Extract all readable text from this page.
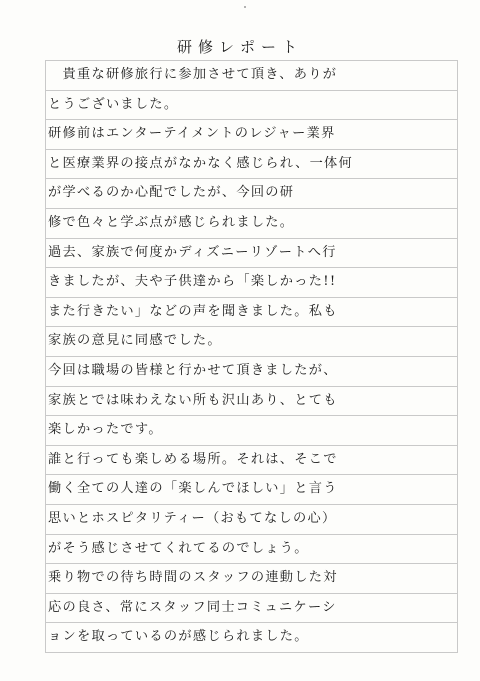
研修レポート
　貴重な研修旅行に参加させて頂き、ありが
とうございました。
研修前はエンターテイメントのレジャー業界
と医療業界の接点がなかなく感じられ、一体何
が学べるのか心配でしたが、今回の研
修で色々と学ぶ点が感じられました。
過去、家族で何度かディズニーリゾートへ行
きましたが、夫や子供達から「楽しかった!!
また行きたい」などの声を聞きました。私も
家族の意見に同感でした。
今回は職場の皆様と行かせて頂きましたが、
家族とでは味わえない所も沢山あり、とても
楽しかったです。
誰と行っても楽しめる場所。それは、そこで
働く全ての人達の「楽しんでほしい」と言う
思いとホスピタリティー（おもてなしの心）
がそう感じさせてくれてるのでしょう。
乗り物での待ち時間のスタッフの連動した対
応の良さ、常にスタッフ同士コミュニケーシ
ョンを取っているのが感じられました。
